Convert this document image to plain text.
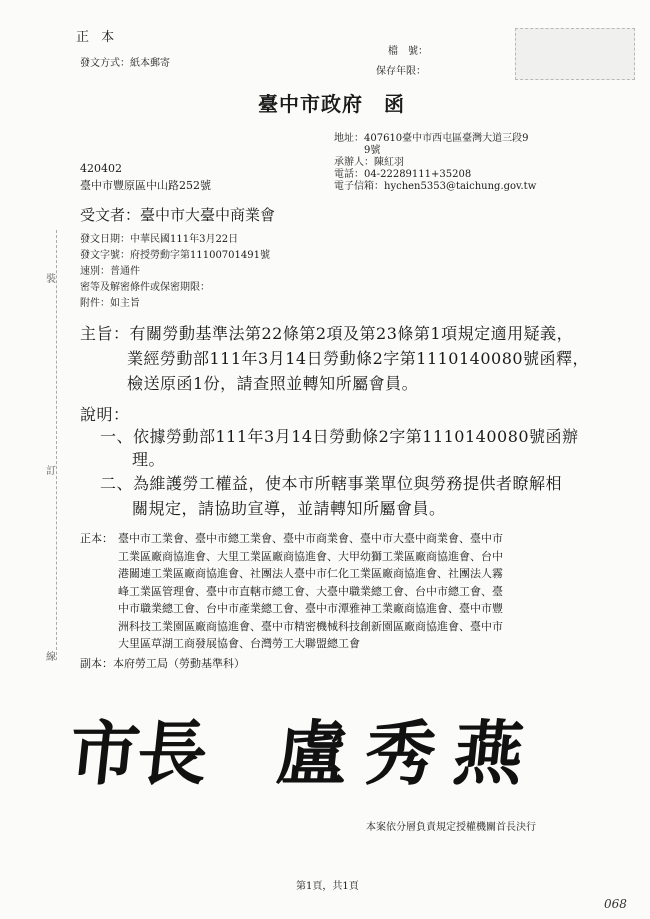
正 本
發文方式：紙本郵寄
檔　號：
保存年限：
臺中市政府　函
地址：407610臺中市西屯區臺灣大道三段9
9號
承辦人：陳紅羽
電話：04-22289111+35208
電子信箱：hychen5353@taichung.gov.tw
420402
臺中市豐原區中山路252號
受文者：臺中市大臺中商業會
發文日期：中華民國111年3月22日
發文字號：府授勞動字第11100701491號
速別：普通件
密等及解密條件或保密期限：
附件：如主旨
主旨：有關勞動基準法第22條第2項及第23條第1項規定適用疑義，
業經勞動部111年3月14日勞動條2字第1110140080號函釋，
檢送原函1份，請查照並轉知所屬會員。
說明：
一、依據勞動部111年3月14日勞動條2字第1110140080號函辦
理。
二、為維護勞工權益，使本市所轄事業單位與勞務提供者瞭解相
關規定，請協助宣導，並請轉知所屬會員。
正本： 臺中市工業會、臺中市總工業會、臺中市商業會、臺中市大臺中商業會、臺中市
工業區廠商協進會、大里工業區廠商協進會、大甲幼獅工業區廠商協進會、台中
港關連工業區廠商協進會、社團法人臺中市仁化工業區廠商協進會、社團法人霧
峰工業區管理會、臺中市直轄市總工會、大臺中職業總工會、台中市總工會、臺
中市職業總工會、台中市產業總工會、臺中市潭雅神工業廠商協進會、臺中市豐
洲科技工業園區廠商協進會、臺中市精密機械科技創新園區廠商協進會、臺中市
大里區草湖工商發展協會、台灣勞工大聯盟總工會
副本：本府勞工局（勞動基準科）
裝
訂
線
市長 盧秀燕
本案依分層負責規定授權機關首長決行
第1頁，共1頁
068
